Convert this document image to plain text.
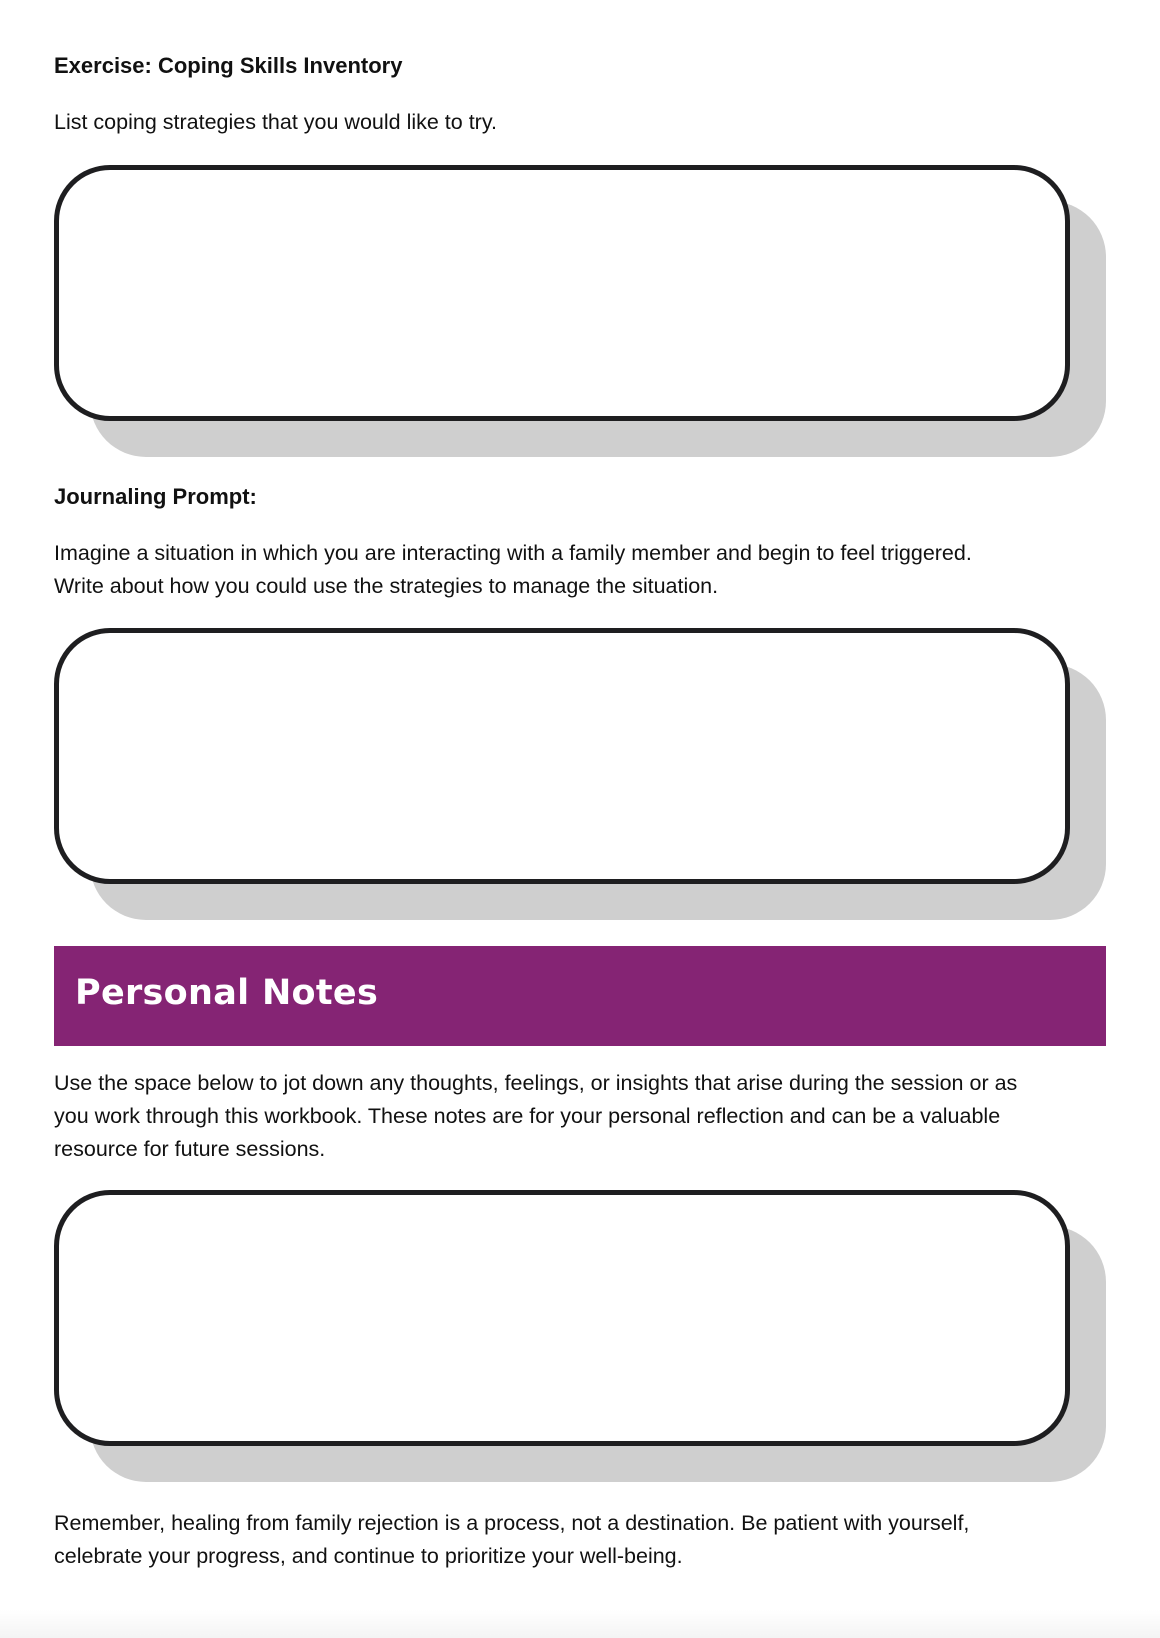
Exercise: Coping Skills Inventory

List coping strategies that you would like to try.

Journaling Prompt:

Imagine a situation in which you are interacting with a family member and begin to feel triggered.
Write about how you could use the strategies to manage the situation.

Personal Notes

Use the space below to jot down any thoughts, feelings, or insights that arise during the session or as
you work through this workbook. These notes are for your personal reflection and can be a valuable
resource for future sessions.

Remember, healing from family rejection is a process, not a destination. Be patient with yourself,
celebrate your progress, and continue to prioritize your well-being.
